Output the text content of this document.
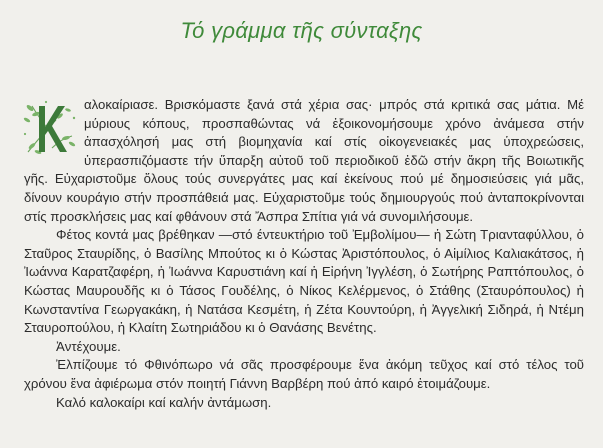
Τό γράμμα τῆς σύνταξης

αλοκαίριασε. Βρισκόμαστε ξανά στά χέρια σας· μπρός στά κριτικά σας μάτια. Μέ μύριους κόπους, προσπαθώντας νά ἐξοικονομήσουμε χρόνο ἀνάμεσα στήν ἀπασχόλησή μας στή βιομηχανία καί στίς οἰκογενειακές μας ὑποχρεώσεις, ὑπερασπιζόμαστε τήν ὕπαρξη αὐτοῦ τοῦ περιοδικοῦ ἐδῶ στήν ἄκρη τῆς Βοιωτικῆς γῆς. Εὐχαριστοῦμε ὅλους τούς συνεργάτες μας καί ἐκείνους πού μέ δημοσιεύσεις γιά μᾶς, δίνουν κουράγιο στήν προσπάθειά μας. Εὐχαριστοῦμε τούς δημιουργούς πού ἀνταποκρίνονται στίς προσκλήσεις μας καί φθάνουν στά Ἄσπρα Σπίτια γιά νά συνομιλήσουμε.

Φέτος κοντά μας βρέθηκαν —στό έντευκτήριο τοῦ Ἐμβολίμου— ἡ Σώτη Τριανταφύλλου, ὁ Σταῦρος Σταυρίδης, ὁ Βασίλης Μπούτος κι ὁ Κώστας Ἀριστόπουλος, ὁ Αἰμίλιος Καλιακάτσος, ἡ Ἰωάννα Καρατζαφέρη, ἡ Ἰωάννα Καρυστιάνη καί ἡ Εἰρήνη Ἰγγλέση, ὁ Σωτήρης Ραπτόπουλος, ὁ Κώστας Μαυρουδῆς κι ὁ Τάσος Γουδέλης, ὁ Νίκος Κελέρμενος, ὁ Στάθης (Σταυρόπουλος) ἡ Κωνσταντίνα Γεωργακάκη, ἡ Νατάσα Κεσμέτη, ἡ Ζέτα Κουντούρη, ἡ Ἀγγελική Σιδηρά, ἡ Ντέμη Σταυροπούλου, ἡ Κλαίτη Σωτηριάδου κι ὁ Θανάσης Βενέτης.

Ἀντέχουμε.

Ἐλπίζουμε τό Φθινόπωρο νά σᾶς προσφέρουμε ἕνα ἀκόμη τεῦχος καί στό τέλος τοῦ χρόνου ἕνα ἀφιέρωμα στόν ποιητή Γιάννη Βαρβέρη πού ἀπό καιρό ἑτοιμάζουμε.

Καλό καλοκαίρι καί καλήν ἀντάμωση.
